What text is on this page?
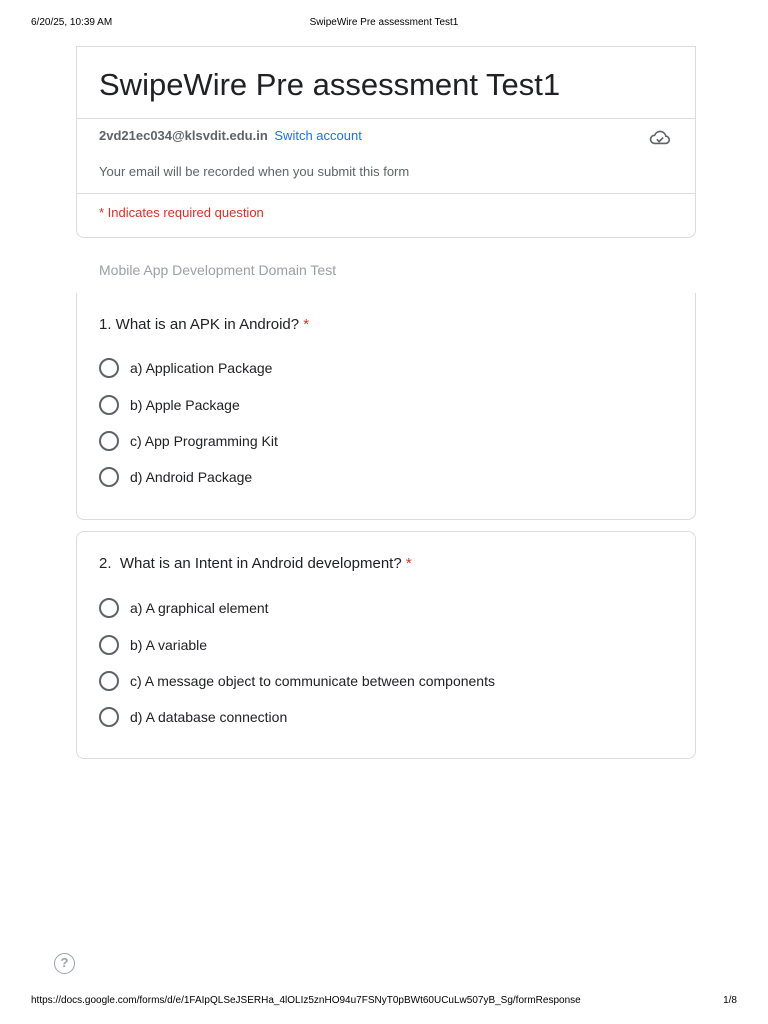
6/20/25, 10:39 AM	SwipeWire Pre assessment Test1
SwipeWire Pre assessment Test1
2vd21ec034@klsvdit.edu.in Switch account
Your email will be recorded when you submit this form
* Indicates required question
Mobile App Development Domain Test
1. What is an APK in Android? *
a) Application Package
b) Apple Package
c) App Programming Kit
d) Android Package
2.  What is an Intent in Android development? *
a) A graphical element
b) A variable
c) A message object to communicate between components
d) A database connection
?
https://docs.google.com/forms/d/e/1FAIpQLSeJSERHa_4lOLIz5znHO94u7FSNyT0pBWt60UCuLw507yB_Sg/formResponse	1/8
